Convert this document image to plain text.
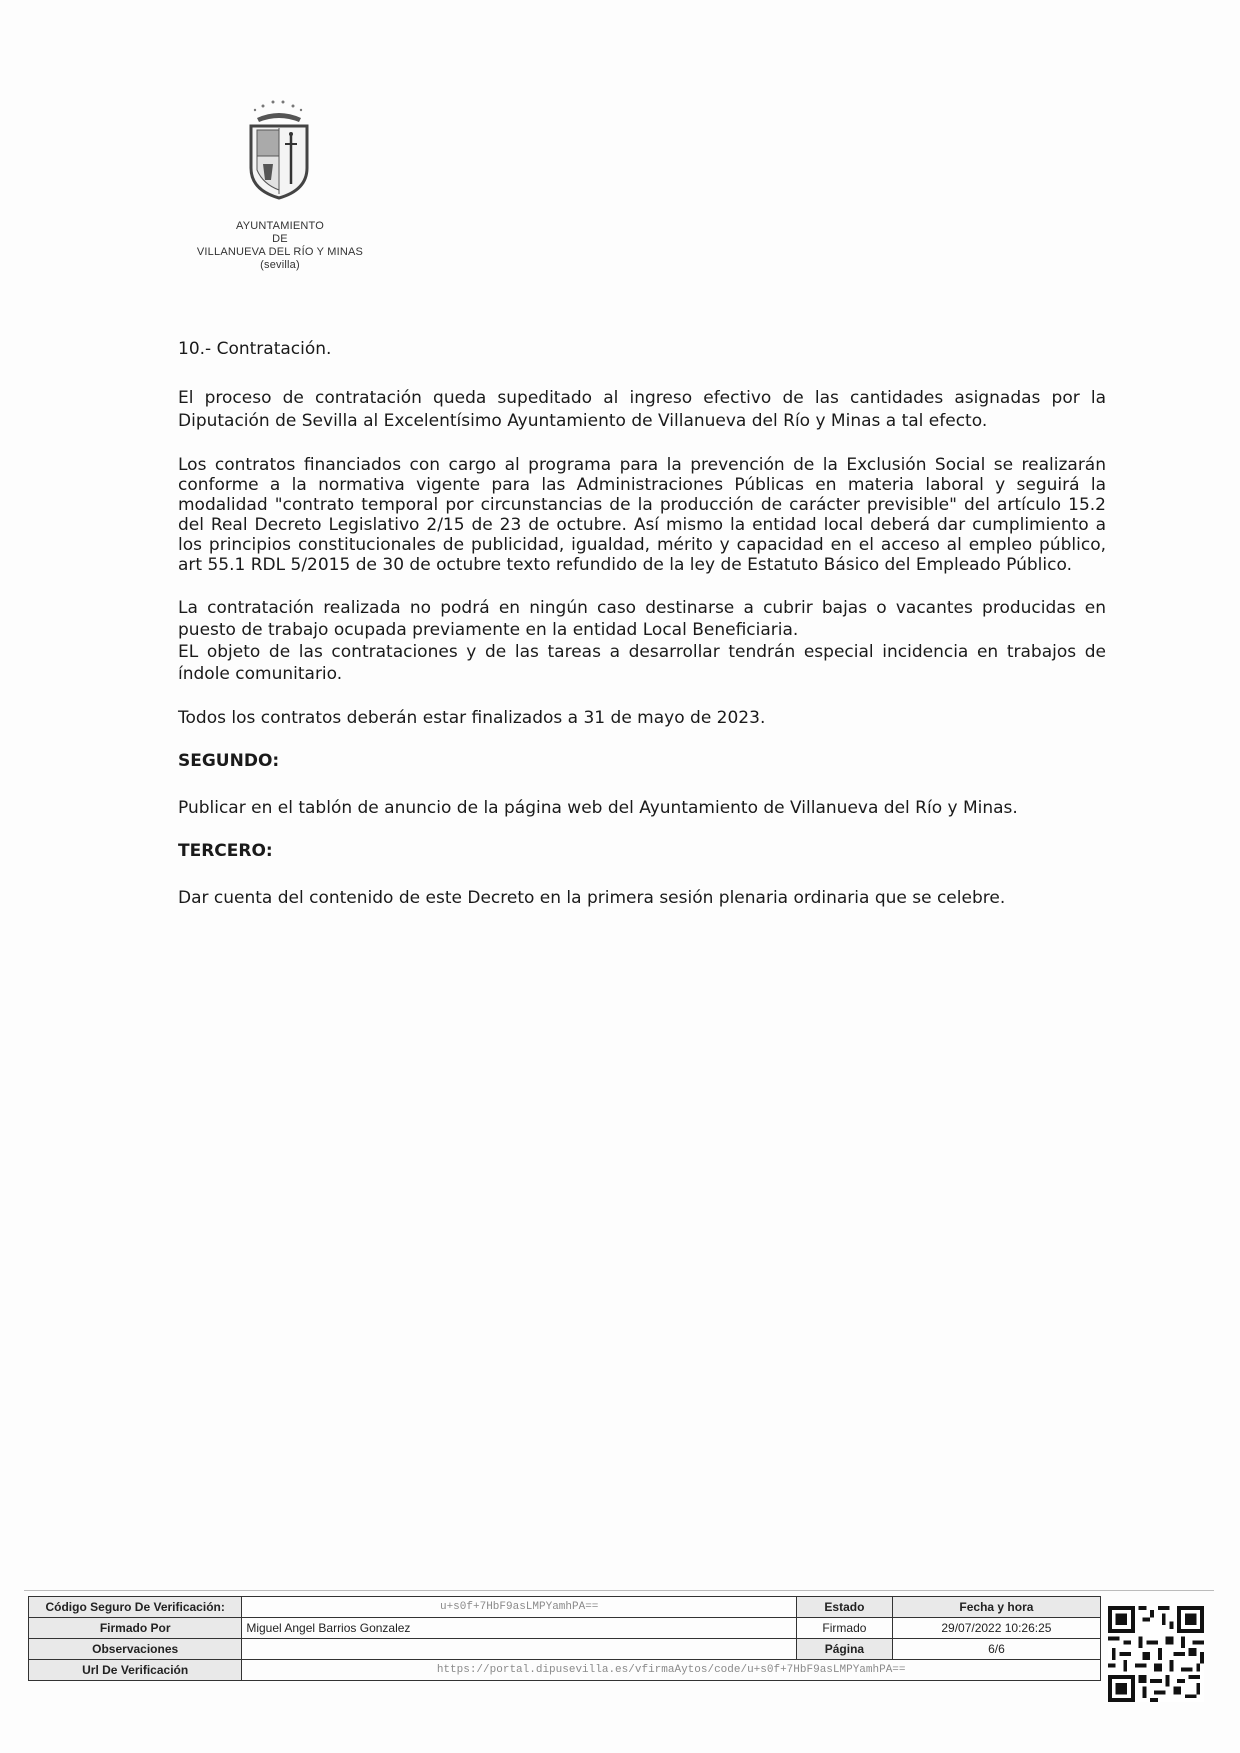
AYUNTAMIENTO
DE
VILLANUEVA DEL RÍO Y MINAS
(sevilla)

10.- Contratación.

El proceso de contratación queda supeditado al ingreso efectivo de las cantidades asignadas por la Diputación de Sevilla al Excelentísimo Ayuntamiento de Villanueva del Río y Minas a tal efecto.

Los contratos financiados con cargo al programa para la prevención de la Exclusión Social se realizarán conforme a la normativa vigente para las Administraciones Públicas en materia laboral y seguirá la modalidad "contrato temporal por circunstancias de la producción de carácter previsible" del artículo 15.2 del Real Decreto Legislativo 2/15 de 23 de octubre. Así mismo la entidad local deberá dar cumplimiento a los principios constitucionales de publicidad, igualdad, mérito y capacidad en el acceso al empleo público, art 55.1 RDL 5/2015 de 30 de octubre texto refundido de la ley de Estatuto Básico del Empleado Público.

La contratación realizada no podrá en ningún caso destinarse a cubrir bajas o vacantes producidas en puesto de trabajo ocupada previamente en la entidad Local Beneficiaria.

EL objeto de las contrataciones y de las tareas a desarrollar tendrán especial incidencia en trabajos de índole comunitario.

Todos los contratos deberán estar finalizados a 31 de mayo de 2023.

SEGUNDO:

Publicar en el tablón de anuncio de la página web del Ayuntamiento de Villanueva del Río y Minas.

TERCERO:

Dar cuenta del contenido de este Decreto en la primera sesión plenaria ordinaria que se celebre.

Código Seguro De Verificación:	u+s0f+7HbF9asLMPYamhPA==	Estado	Fecha y hora
Firmado Por	Miguel Angel Barrios Gonzalez	Firmado	29/07/2022 10:26:25
Observaciones		Página	6/6
Url De Verificación	https://portal.dipusevilla.es/vfirmaAytos/code/u+s0f+7HbF9asLMPYamhPA==		
